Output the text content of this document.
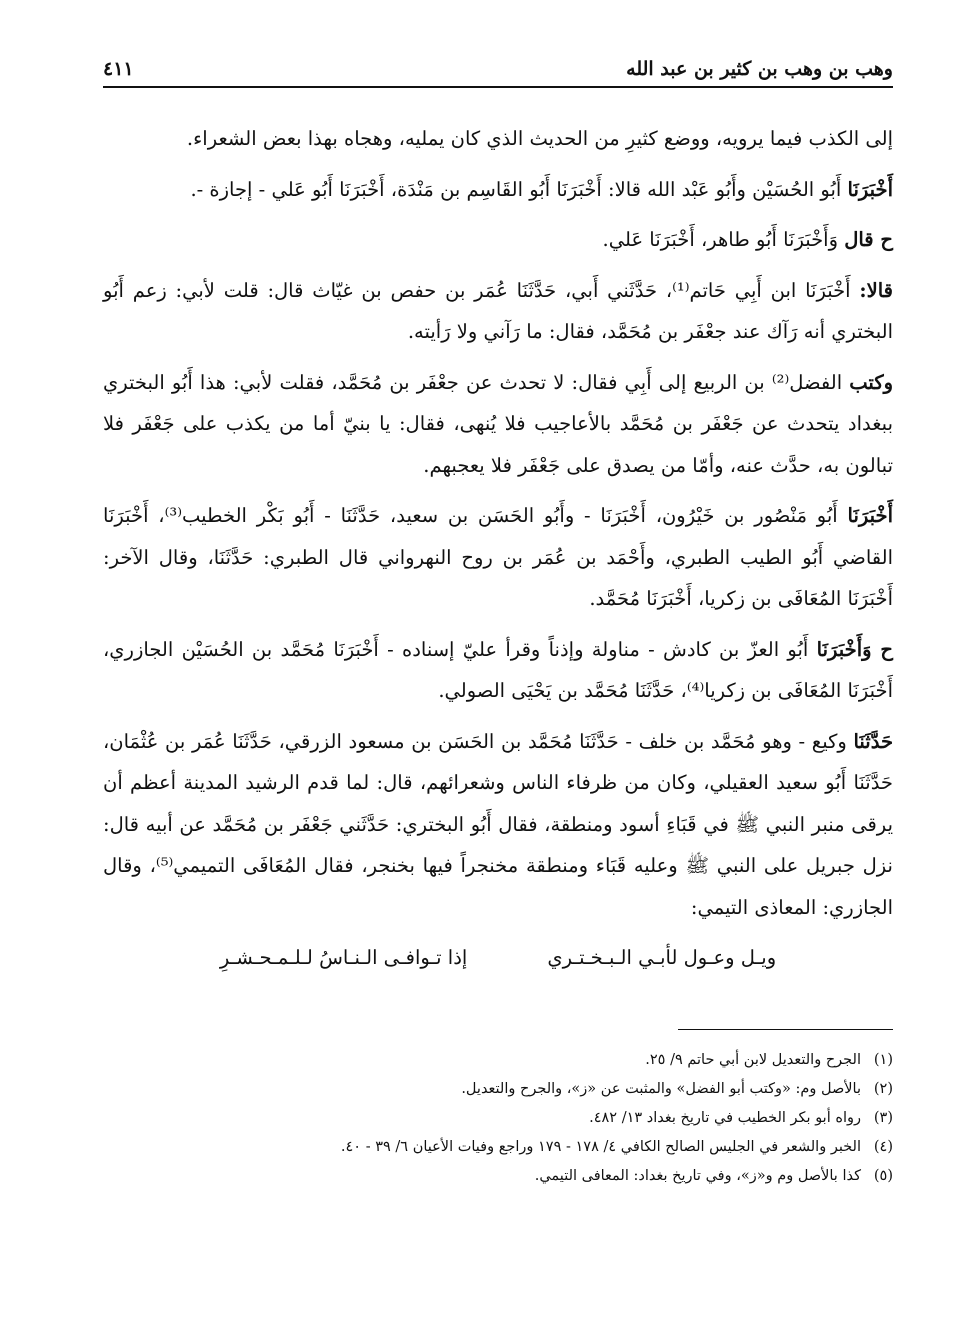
وهب بن وهب بن كثير بن عبد الله
٤١١

إلى الكذب فيما يرويه، ووضع كثيرِ من الحديث الذي كان يمليه، وهجاه بهذا بعض الشعراء.

أَخْبَرَنَا أَبُو الحُسَيْن وأَبُو عَبْد الله قالا: أَخْبَرَنَا أَبُو القَاسِم بن مَنْدَة، أَخْبَرَنَا أَبُو عَلي - إجازة -.

ح قال وَأَخْبَرَنَا أَبُو طاهر، أَخْبَرَنَا عَلي.

قالا: أَخْبَرَنَا ابن أَبِي حَاتم⁽¹⁾، حَدَّثَني أَبي، حَدَّثَنَا عُمَر بن حفص بن غيّاث قال: قلت لأبي: زعم أَبُو البختري أنه رَآك عند جعْفَر بن مُحَمَّد، فقال: ما رَآني ولا رَأيته.

وكتب الفضل⁽²⁾ بن الربيع إلى أَبِي فقال: لا تحدث عن جعْفَر بن مُحَمَّد، فقلت لأبي: هذا أَبُو البختري ببغداد يتحدث عن جَعْفَر بن مُحَمَّد بالأعاجيب فلا يُنهى، فقال: يا بنيّ أما من يكذب على جَعْفَر فلا تبالون به، حدَّث عنه، وأمّا من يصدق على جَعْفَر فلا يعجبهم.

أَخْبَرَنَا أَبُو مَنْصُور بن خَيْرُون، أَخْبَرَنَا - وأَبُو الحَسَن بن سعيد، حَدَّثَنَا - أَبُو بَكْر الخطيب⁽³⁾، أَخْبَرَنَا القاضي أَبُو الطيب الطبري، وأَحْمَد بن عُمَر بن روح النهرواني قال الطبري: حَدَّثَنَا، وقال الآخر: أَخْبَرَنَا المُعَافَى بن زكريا، أَخْبَرَنَا مُحَمَّد.

ح وَأَخْبَرَنَا أَبُو العزّ بن كادش - مناولة وإذناً وقرأ عليّ إسناده - أَخْبَرَنَا مُحَمَّد بن الحُسَيْن الجازري، أَخْبَرَنَا المُعَافَى بن زكريا⁽⁴⁾، حَدَّثَنَا مُحَمَّد بن يَحْيَى الصولي.

حَدَّثَنَا وكيع - وهو مُحَمَّد بن خلف - حَدَّثَنَا مُحَمَّد بن الحَسَن بن مسعود الزرقي، حَدَّثَنَا عُمَر بن عُثْمَان، حَدَّثَنَا أَبُو سعيد العقيلي، وكان من ظرفاء الناس وشعرائهم، قال: لما قدم الرشيد المدينة أعظم أن يرقى منبر النبي ﷺ في قَبَاءِ أسود ومنطقة، فقال أَبُو البختري: حَدَّثَني جَعْفَر بن مُحَمَّد عن أبيه قال: نزل جبريل على النبي ﷺ وعليه قَبَاء ومنطقة مخنجراً فيها بخنجر، فقال المُعَافَى التميمي⁽⁵⁾، وقال الجازري: المعاذى التيمي:

ويـل وعـول لأبـي الـبـخـتـري
إذا تـوافـى الـنـاسُ لـلـمـحـشـرِ
(١)
الجرح والتعديل لابن أبي حاتم ٩/ ٢٥.
(٢)
بالأصل وم: «وكتب أبو الفضل» والمثبت عن «ز»، والجرح والتعديل.
(٣)
رواه أبو بكر الخطيب في تاريخ بغداد ١٣/ ٤٨٢.
(٤)
الخبر والشعر في الجليس الصالح الكافي ٤/ ١٧٨ - ١٧٩ وراجع وفيات الأعيان ٦/ ٣٩ - ٤٠.
(٥)
كذا بالأصل وم و«ز»، وفي تاريخ بغداد: المعافى التيمي.
